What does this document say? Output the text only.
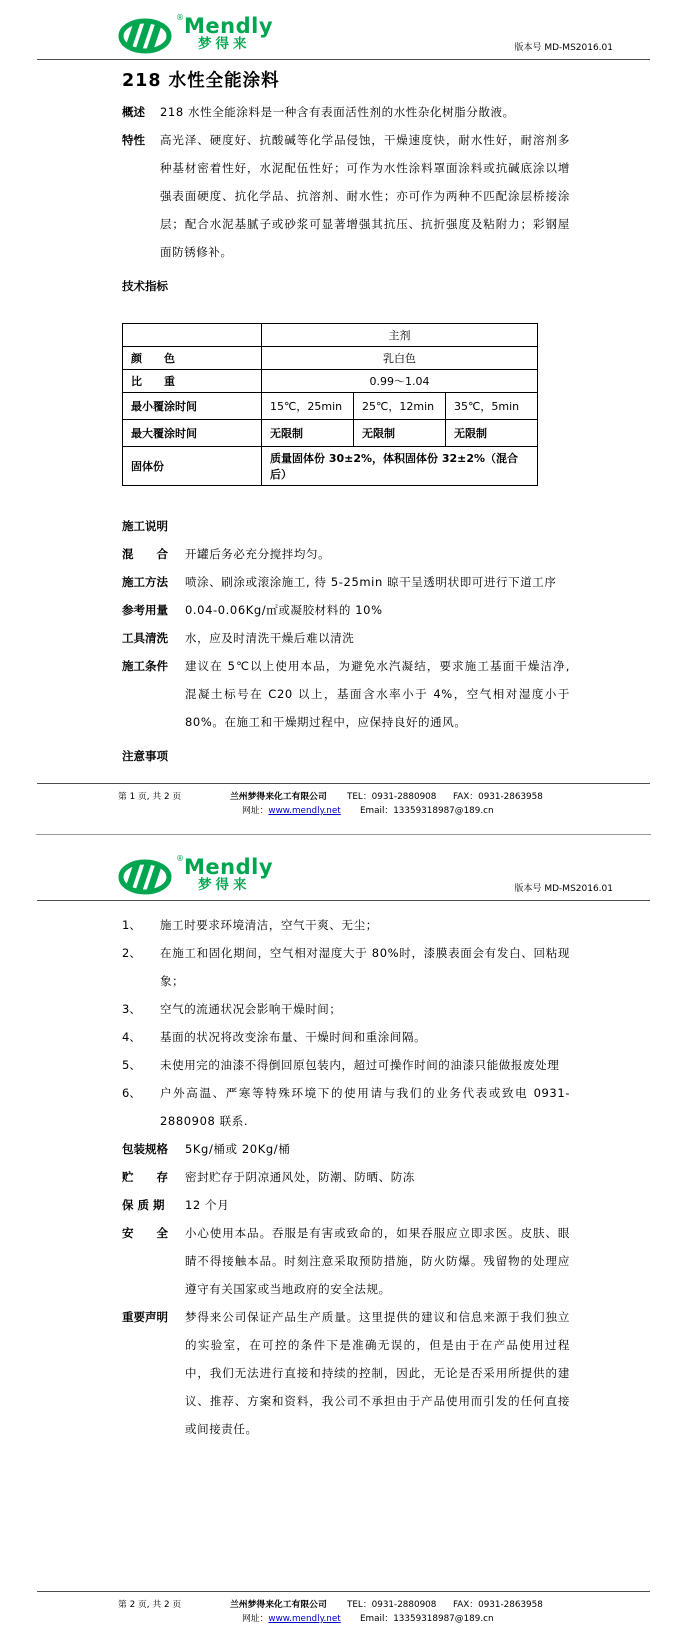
®Mendly
梦得来	版本号 MD-MS2016.01
218 水性全能涂料
概述	218 水性全能涂料是一种含有表面活性剂的水性杂化树脂分散液。
特性	高光泽、硬度好、抗酸碱等化学品侵蚀，干燥速度快，耐水性好，耐溶剂多种基材密着性好，水泥配伍性好；可作为水性涂料罩面涂料或抗碱底涂以增强表面硬度、抗化学品、抗溶剂、耐水性；亦可作为两种不匹配涂层桥接涂层；配合水泥基腻子或砂浆可显著增强其抗压、抗折强度及粘附力；彩钢屋面防锈修补。
技术指标
	主剂		
颜　　色	乳白色		
比　　重	0.99～1.04		
最小覆涂时间	15℃，25min	25℃，12min	35℃，5min
最大覆涂时间	无限制	无限制	无限制
固体份	质量固体份 30±2%，体积固体份 32±2%（混合后）		
施工说明
混　　合	开罐后务必充分搅拌均匀。
施工方法	喷涂、刷涂或滚涂施工, 待 5-25min 晾干呈透明状即可进行下道工序
参考用量	0.04-0.06Kg/㎡或凝胶材料的 10%
工具清洗	水，应及时清洗干燥后难以清洗
施工条件	建议在 5℃以上使用本品，为避免水汽凝结，要求施工基面干燥洁净, 混凝土标号在 C20 以上，基面含水率小于 4%，空气相对湿度小于 80%。在施工和干燥期过程中，应保持良好的通风。
注意事项
第 1 页, 共 2 页	兰州梦得来化工有限公司 TEL：0931-2880908 FAX：0931-2863958
网址：www.mendly.net Email：13359318987@189.cn
®Mendly
梦得来	版本号 MD-MS2016.01
1、	施工时要求环境清洁，空气干爽、无尘；
2、	在施工和固化期间，空气相对湿度大于 80%时，漆膜表面会有发白、回粘现象；
3、	空气的流通状况会影响干燥时间；
4、	基面的状况将改变涂布量、干燥时间和重涂间隔。
5、	未使用完的油漆不得倒回原包装内，超过可操作时间的油漆只能做报废处理
6、	户外高温、严寒等特殊环境下的使用请与我们的业务代表或致电 0931-2880908 联系.
包装规格	5Kg/桶或 20Kg/桶
贮　　存	密封贮存于阴凉通风处，防潮、防晒、防冻
保 质 期	12 个月
安　　全	小心使用本品。吞服是有害或致命的，如果吞服应立即求医。皮肤、眼睛不得接触本品。时刻注意采取预防措施，防火防爆。残留物的处理应遵守有关国家或当地政府的安全法规。
重要声明	梦得来公司保证产品生产质量。这里提供的建议和信息来源于我们独立的实验室，在可控的条件下是准确无误的，但是由于在产品使用过程中，我们无法进行直接和持续的控制，因此，无论是否采用所提供的建议、推荐、方案和资料，我公司不承担由于产品使用而引发的任何直接或间接责任。
第 2 页, 共 2 页	兰州梦得来化工有限公司 TEL：0931-2880908 FAX：0931-2863958
网址：www.mendly.net Email：13359318987@189.cn
